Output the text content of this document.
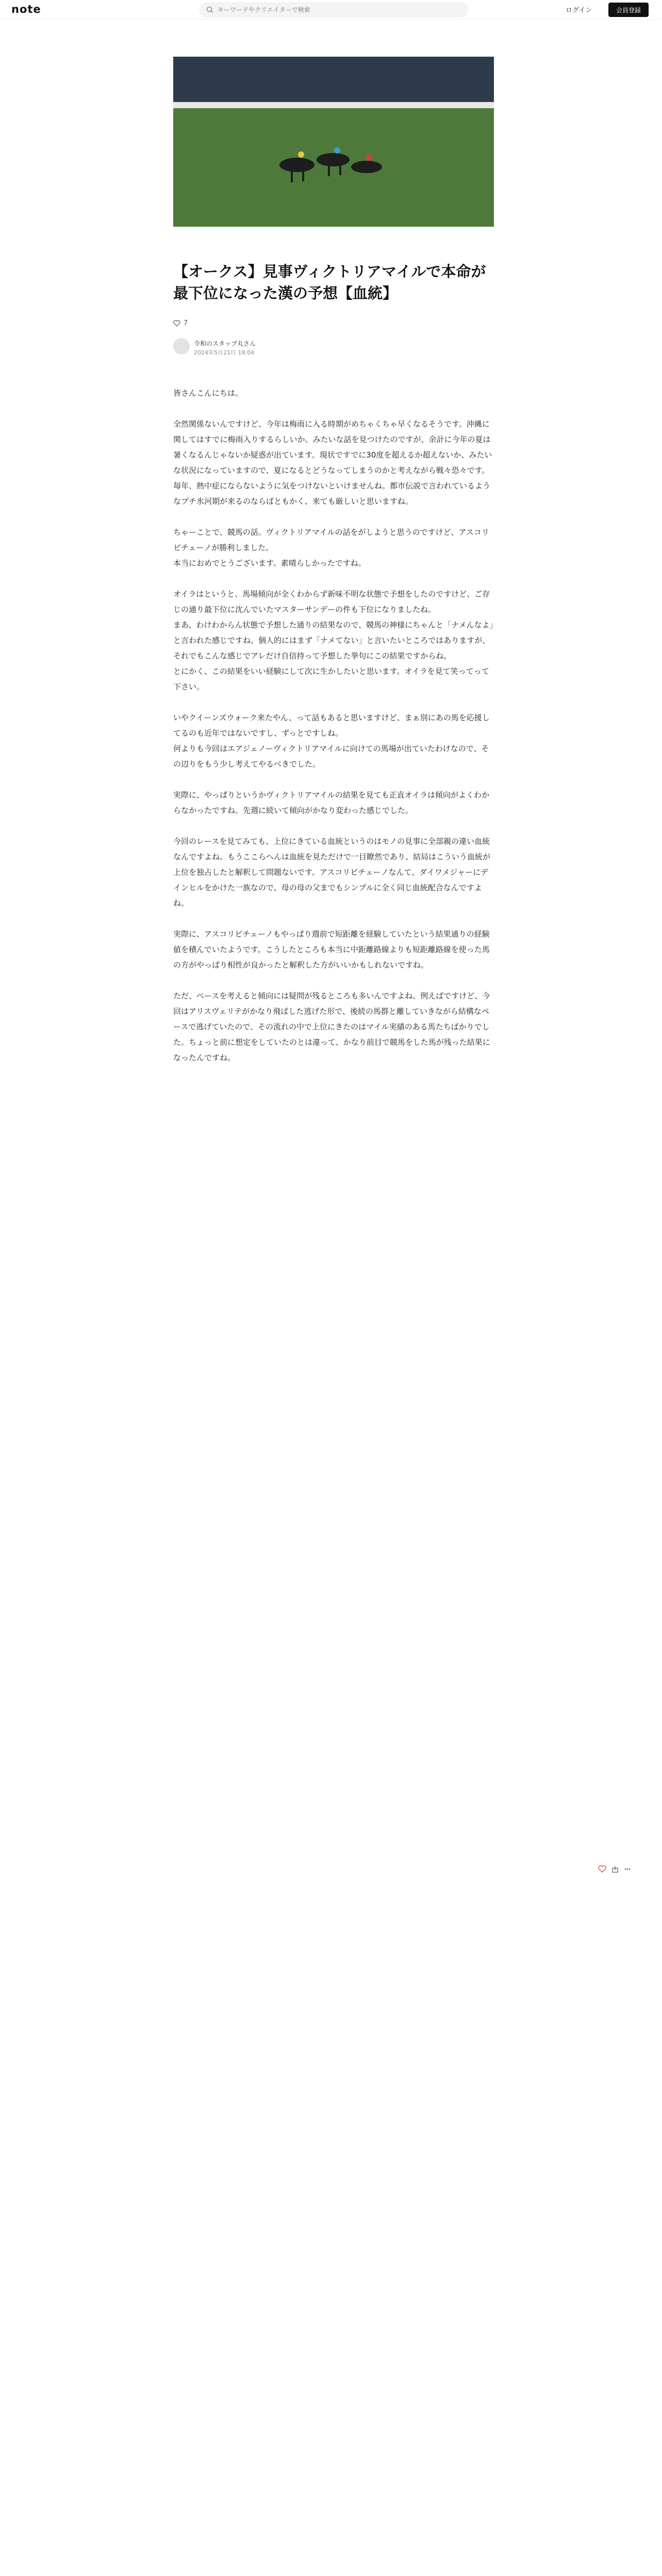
note
キーワードやクリエイターで検索	ログイン	会員登録
【オークス】見事ヴィクトリアマイルで本命が最下位になった漢の予想【血統】
7
令和のスタップ丸さん
2024年5月21日 18:04

皆さんこんにちは。

全然関係ないんですけど、今年は梅雨に入る時期がめちゃくちゃ早くなるそうです。沖縄に関してはすでに梅雨入りするらしいか。みたいな話を見つけたのですが、余計に今年の夏は暑くなるんじゃないか疑惑が出ています。現状ですでに30度を超えるか超えないか、みたいな状況になっていますので、夏になるとどうなってしまうのかと考えながら戦々恐々です。毎年、熱中症にならないように気をつけないといけませんね。都市伝説で言われているようなプチ氷河期が来るのならばともかく、来ても厳しいと思いますね。

ちゃーことで、競馬の話。ヴィクトリアマイルの話をがしようと思うのですけど、アスコリピチェーノが勝利しました。
本当におめでとうございます。素晴らしかったですね。

オイラはというと、馬場傾向が全くわからず新味不明な状態で予想をしたのですけど、ご存じの通り最下位に沈んでいたマスターサンデーの件も下位になりましたね。
まあ、わけわからん状態で予想した通りの結果なので、競馬の神様にちゃんと「ナメんなよ」と言われた感じですね。個人的にはまず「ナメてない」と言いたいところではありますが、それでもこんな感じでアレだけ自信持って予想した挙句にこの結果ですからね。
とにかく、この結果をいい経験にして次に生かしたいと思います。オイラを見て笑ってって下さい。

いやクイーンズウォーク来たやん、って話もあると思いますけど、まぁ別にあの馬を応援してるのも近年ではないですし、ずっとですしね。
何よりも今回はエアジェノーヴィクトリアマイルに向けての馬場が出ていたわけなので、その辺りをもう少し考えてやるべきでした。

実際に、やっぱりというかヴィクトリアマイルの結果を見ても正直オイラは傾向がよくわからなかったですね。先週に続いて傾向がかなり変わった感じでした。

今回のレースを見てみても、上位にきている血統というのはモノの見事に全部親の違い血統なんですよね。もうここらへんは血統を見ただけで一目瞭然であり、結局はこういう血統が上位を独占したと解釈して問題ないです。アスコリピチェーノなんて、ダイワメジャーにデインヒルをかけた一族なので、母の母の父までもシンプルに全く同じ血統配合なんですよね。

実際に、アスコリピチェーノもやっぱり週前で短距離を経験していたという結果通りの経験値を積んでいたようです。こうしたところも本当に中距離路線よりも短距離路線を使った馬の方がやっぱり相性が良かったと解釈した方がいいかもしれないですね。

ただ、ベースを考えると傾向には疑問が残るところも多いんですよね。例えばですけど、今回はアリスヴェリテがかなり飛ばした逃げた形で、後続の馬群と離していきながら結構なペースで逃げていたので、その流れの中で上位にきたのはマイル実績のある馬たちばかりでした。ちょっと前に想定をしていたのとは違って、かなり前目で競馬をした馬が残った結果になったんですね。
